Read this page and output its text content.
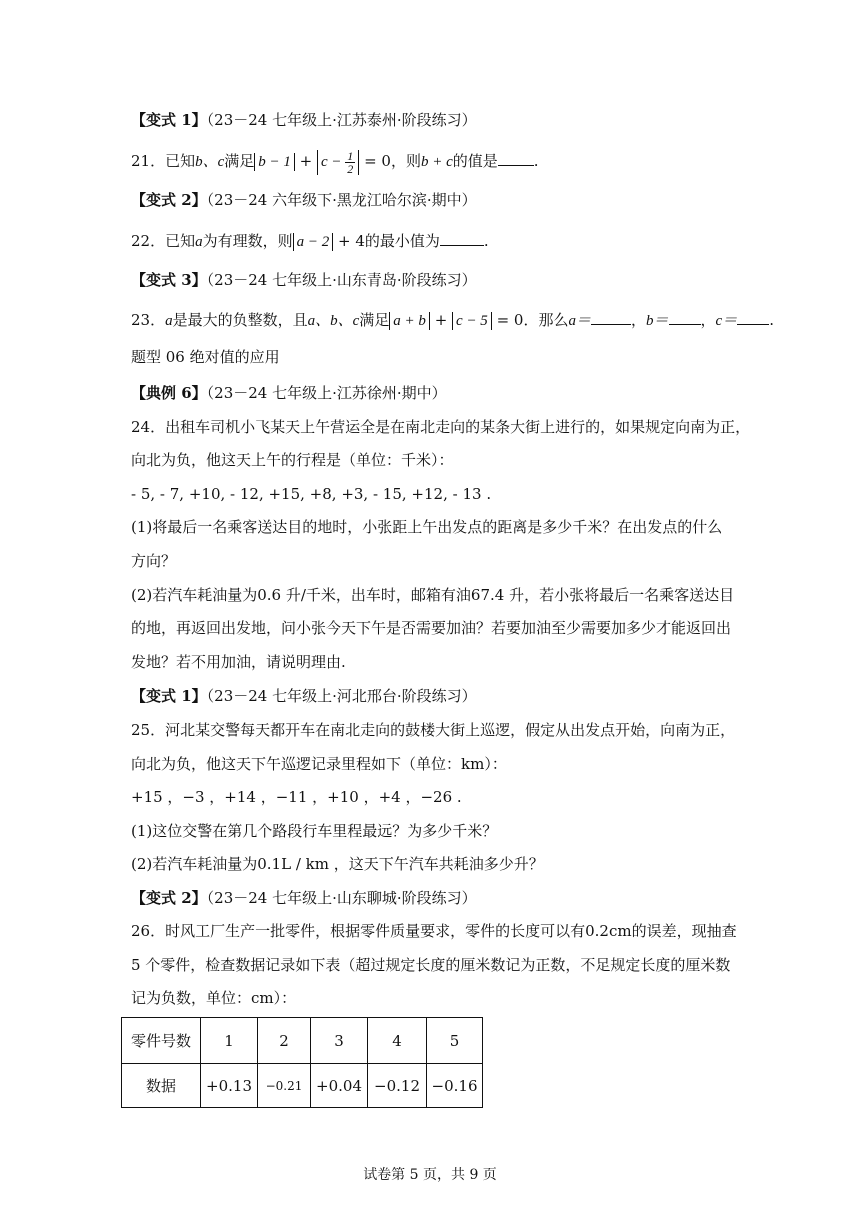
【变式 1】（23－24 七年级上·江苏泰州·阶段练习）
21．已知b、c满足 $b - 1 + c - \frac{1}{2} = 0$，则b + c的值是 .
【变式 2】（23－24 六年级下·黑龙江哈尔滨·期中）
22．已知a为有理数，则 a − 2 + 4的最小值为	.
【变式 3】（23－24 七年级上·山东青岛·阶段练习）
23．a是最大的负整数，且a、b、c满足 a + b + c − 5 = 0．那么a＝	，b＝ ，c＝ .
题型 06 绝对值的应用
【典例 6】（23－24 七年级上·江苏徐州·期中）
24．出租车司机小飞某天上午营运全是在南北走向的某条大街上进行的，如果规定向南为正，
向北为负，他这天上午的行程是（单位：千米）：
- 5, - 7, +10, - 12, +15, +8, +3, - 15, +12, - 13 .
(1)将最后一名乘客送达目的地时，小张距上午出发点的距离是多少千米？在出发点的什么
方向？
(2)若汽车耗油量为0.6 升/千米，出车时，邮箱有油67.4 升，若小张将最后一名乘客送达目
的地，再返回出发地，问小张今天下午是否需要加油？若要加油至少需要加多少才能返回出
发地？若不用加油，请说明理由.
【变式 1】（23－24 七年级上·河北邢台·阶段练习）
25．河北某交警每天都开车在南北走向的鼓楼大街上巡逻，假定从出发点开始，向南为正，
向北为负，他这天下午巡逻记录里程如下（单位：km）：
+15 ，−3 ，+14 ，−11 ，+10 ，+4 ，−26 .
(1)这位交警在第几个路段行车里程最远？为多少千米？
(2)若汽车耗油量为0.1L / km ，这天下午汽车共耗油多少升？
【变式 2】（23－24 七年级上·山东聊城·阶段练习）
26．时风工厂生产一批零件，根据零件质量要求，零件的长度可以有0.2cm的误差，现抽查
5 个零件，检查数据记录如下表（超过规定长度的厘米数记为正数，不足规定长度的厘米数
记为负数，单位：cm）：
零件号数	1	2	3	4	5
数据	+0.13	−0.21	+0.04	−0.12	−0.16
试卷第 5 页，共 9 页
